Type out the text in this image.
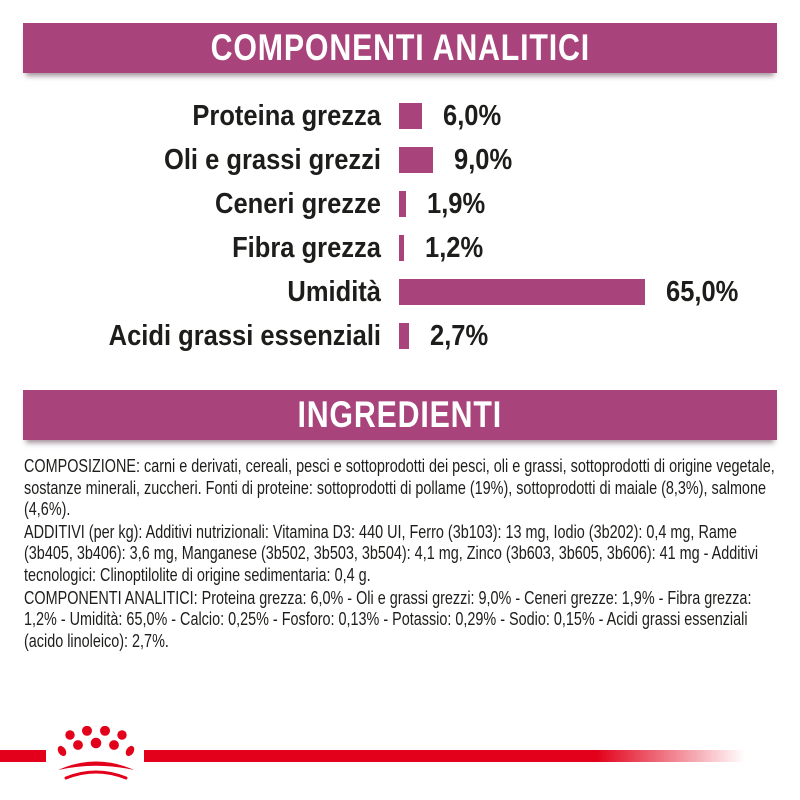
COMPONENTI ANALITICI
Proteina grezza 6,0%
Oli e grassi grezzi	9,0%
Ceneri grezze 1,9%
Fibra grezza 1,2%
Umidità	65,0%
Acidi grassi essenziali 2,7%
INGREDIENTI

COMPOSIZIONE: carni e derivati, cereali, pesci e sottoprodotti dei pesci, oli e grassi, sottoprodotti di origine vegetale, sostanze minerali, zuccheri. Fonti di proteine: sottoprodotti di pollame (19%), sottoprodotti di maiale (8,3%), salmone (4,6%).

ADDITIVI (per kg): Additivi nutrizionali: Vitamina D3: 440 UI, Ferro (3b103): 13 mg, Iodio (3b202): 0,4 mg, Rame (3b405, 3b406): 3,6 mg, Manganese (3b502, 3b503, 3b504): 4,1 mg, Zinco (3b603, 3b605, 3b606): 41 mg - Additivi tecnologici: Clinoptilolite di origine sedimentaria: 0,4 g.

COMPONENTI ANALITICI: Proteina grezza: 6,0% - Oli e grassi grezzi: 9,0% - Ceneri grezze: 1,9% - Fibra grezza: 1,2% - Umidità: 65,0% - Calcio: 0,25% - Fosforo: 0,13% - Potassio: 0,29% - Sodio: 0,15% - Acidi grassi essenziali (acido linoleico): 2,7%.
